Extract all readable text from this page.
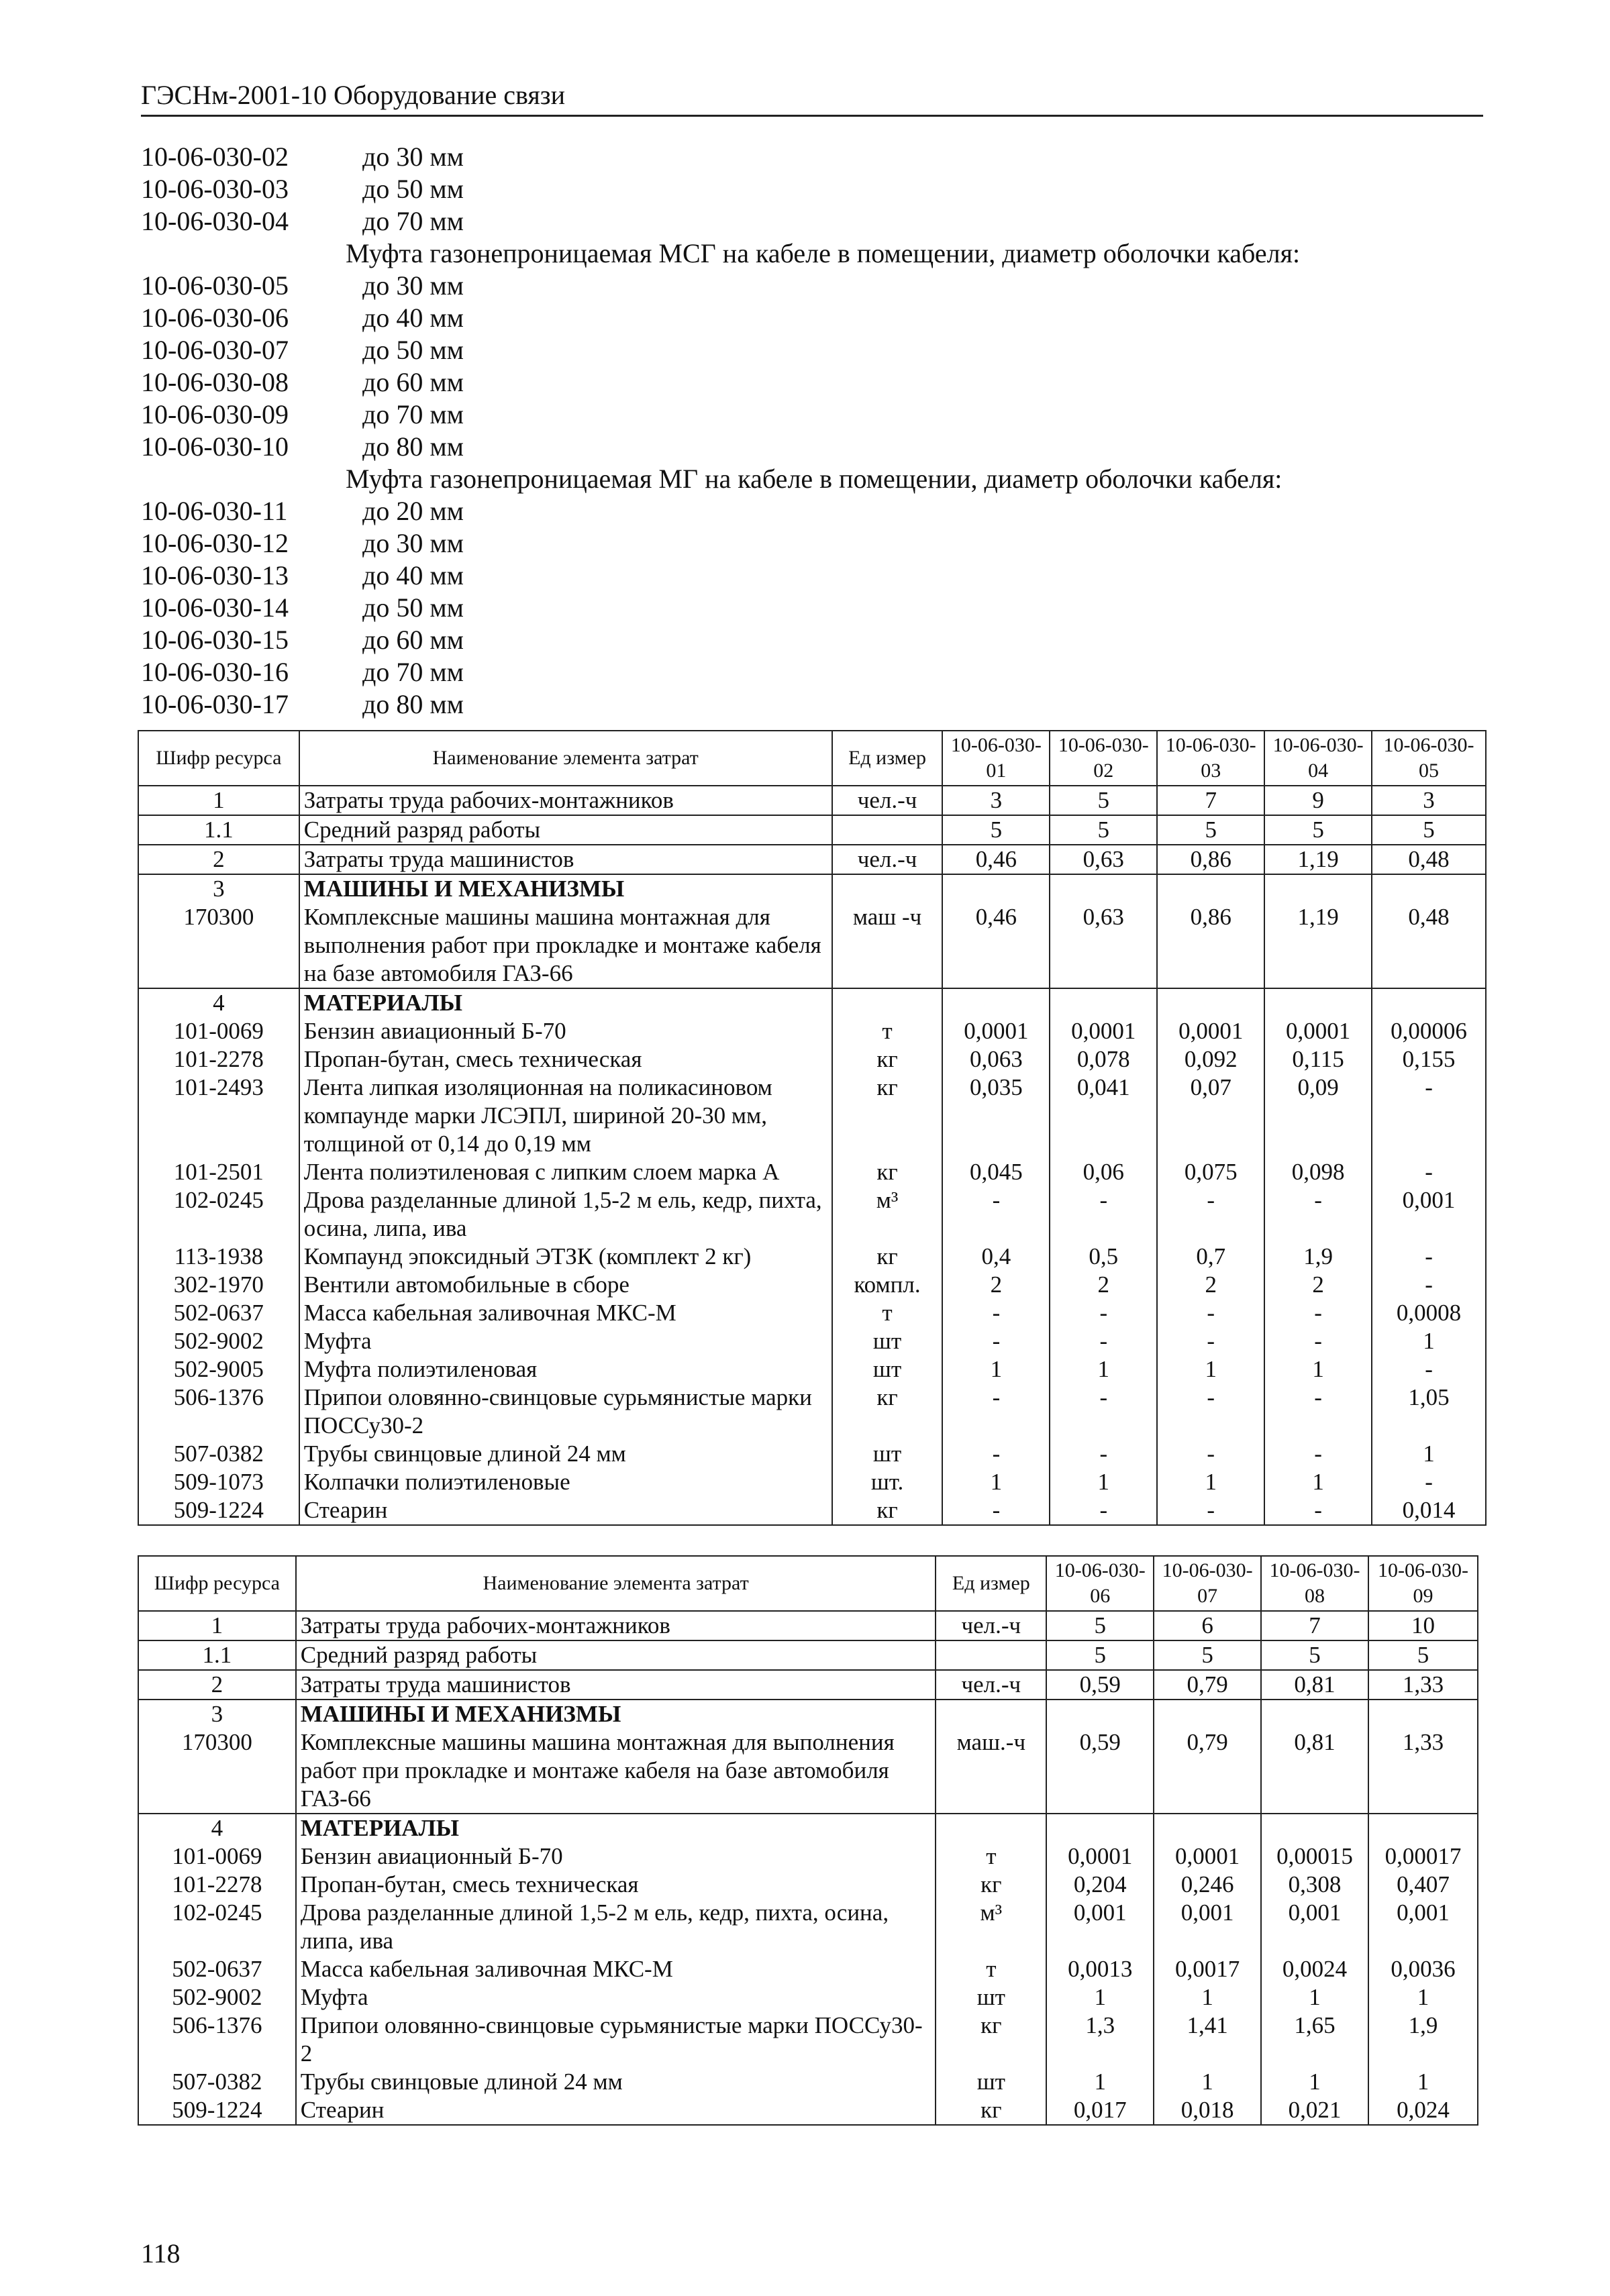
ГЭСНм-2001-10 Оборудование связи
10-06-030-02	до 30 мм
10-06-030-03	до 50 мм
10-06-030-04	до 70 мм
Муфта газонепроницаемая МСГ на кабеле в помещении, диаметр оболочки кабеля:
10-06-030-05	до 30 мм
10-06-030-06	до 40 мм
10-06-030-07	до 50 мм
10-06-030-08	до 60 мм
10-06-030-09	до 70 мм
10-06-030-10	до 80 мм
Муфта газонепроницаемая МГ на кабеле в помещении, диаметр оболочки кабеля:
10-06-030-11	до 20 мм
10-06-030-12	до 30 мм
10-06-030-13	до 40 мм
10-06-030-14	до 50 мм
10-06-030-15	до 60 мм
10-06-030-16	до 70 мм
10-06-030-17	до 80 мм
Шифр ресурса	Наименование элемента затрат	Ед измер	10-06-030-01	10-06-030-02	10-06-030-03	10-06-030-04	10-06-030-05
1	Затраты труда рабочих-монтажников	чел.-ч	3	5	7	9	3
1.1	Средний разряд работы		5	5	5	5	5
2	Затраты труда машинистов	чел.-ч	0,46	0,63	0,86	1,19	0,48
3	МАШИНЫ И МЕХАНИЗМЫ						
170300	Комплексные машины машина монтажная для выполнения работ при прокладке и монтаже кабеля на базе автомобиля ГАЗ-66	маш -ч	0,46	0,63	0,86	1,19	0,48
4	МАТЕРИАЛЫ						
101-0069	Бензин авиационный Б-70	т	0,0001	0,0001	0,0001	0,0001	0,00006
101-2278	Пропан-бутан, смесь техническая	кг	0,063	0,078	0,092	0,115	0,155
101-2493	Лента липкая изоляционная на поликасиновом компаунде марки ЛСЭПЛ, шириной 20-30 мм, толщиной от 0,14 до 0,19 мм	кг	0,035	0,041	0,07	0,09	-
101-2501	Лента полиэтиленовая с липким слоем марка А	кг	0,045	0,06	0,075	0,098	-
102-0245	Дрова разделанные длиной 1,5-2 м ель, кедр, пихта, осина, липа, ива	м³	-	-	-	-	0,001
113-1938	Компаунд эпоксидный ЭТЗК (комплект 2 кг)	кг	0,4	0,5	0,7	1,9	-
302-1970	Вентили автомобильные в сборе	компл.	2	2	2	2	-
502-0637	Масса кабельная заливочная МКС-М	т	-	-	-	-	0,0008
502-9002	Муфта	шт	-	-	-	-	1
502-9005	Муфта полиэтиленовая	шт	1	1	1	1	-
506-1376	Припои оловянно-свинцовые сурьмянистые марки ПОССу30-2	кг	-	-	-	-	1,05
507-0382	Трубы свинцовые длиной 24 мм	шт	-	-	-	-	1
509-1073	Колпачки полиэтиленовые	шт.	1	1	1	1	-
509-1224	Стеарин	кг	-	-	-	-	0,014
Шифр ресурса	Наименование элемента затрат	Ед измер	10-06-030-06	10-06-030-07	10-06-030-08	10-06-030-09
1	Затраты труда рабочих-монтажников	чел.-ч	5	6	7	10
1.1	Средний разряд работы		5	5	5	5
2	Затраты труда машинистов	чел.-ч	0,59	0,79	0,81	1,33
3	МАШИНЫ И МЕХАНИЗМЫ					
170300	Комплексные машины машина монтажная для выполнения работ при прокладке и монтаже кабеля на базе автомобиля ГАЗ-66	маш.-ч	0,59	0,79	0,81	1,33
4	МАТЕРИАЛЫ					
101-0069	Бензин авиационный Б-70	т	0,0001	0,0001	0,00015	0,00017
101-2278	Пропан-бутан, смесь техническая	кг	0,204	0,246	0,308	0,407
102-0245	Дрова разделанные длиной 1,5-2 м ель, кедр, пихта, осина, липа, ива	м³	0,001	0,001	0,001	0,001
502-0637	Масса кабельная заливочная МКС-М	т	0,0013	0,0017	0,0024	0,0036
502-9002	Муфта	шт	1	1	1	1
506-1376	Припои оловянно-свинцовые сурьмянистые марки ПОССу30-2	кг	1,3	1,41	1,65	1,9
507-0382	Трубы свинцовые длиной 24 мм	шт	1	1	1	1
509-1224	Стеарин	кг	0,017	0,018	0,021	0,024
118
